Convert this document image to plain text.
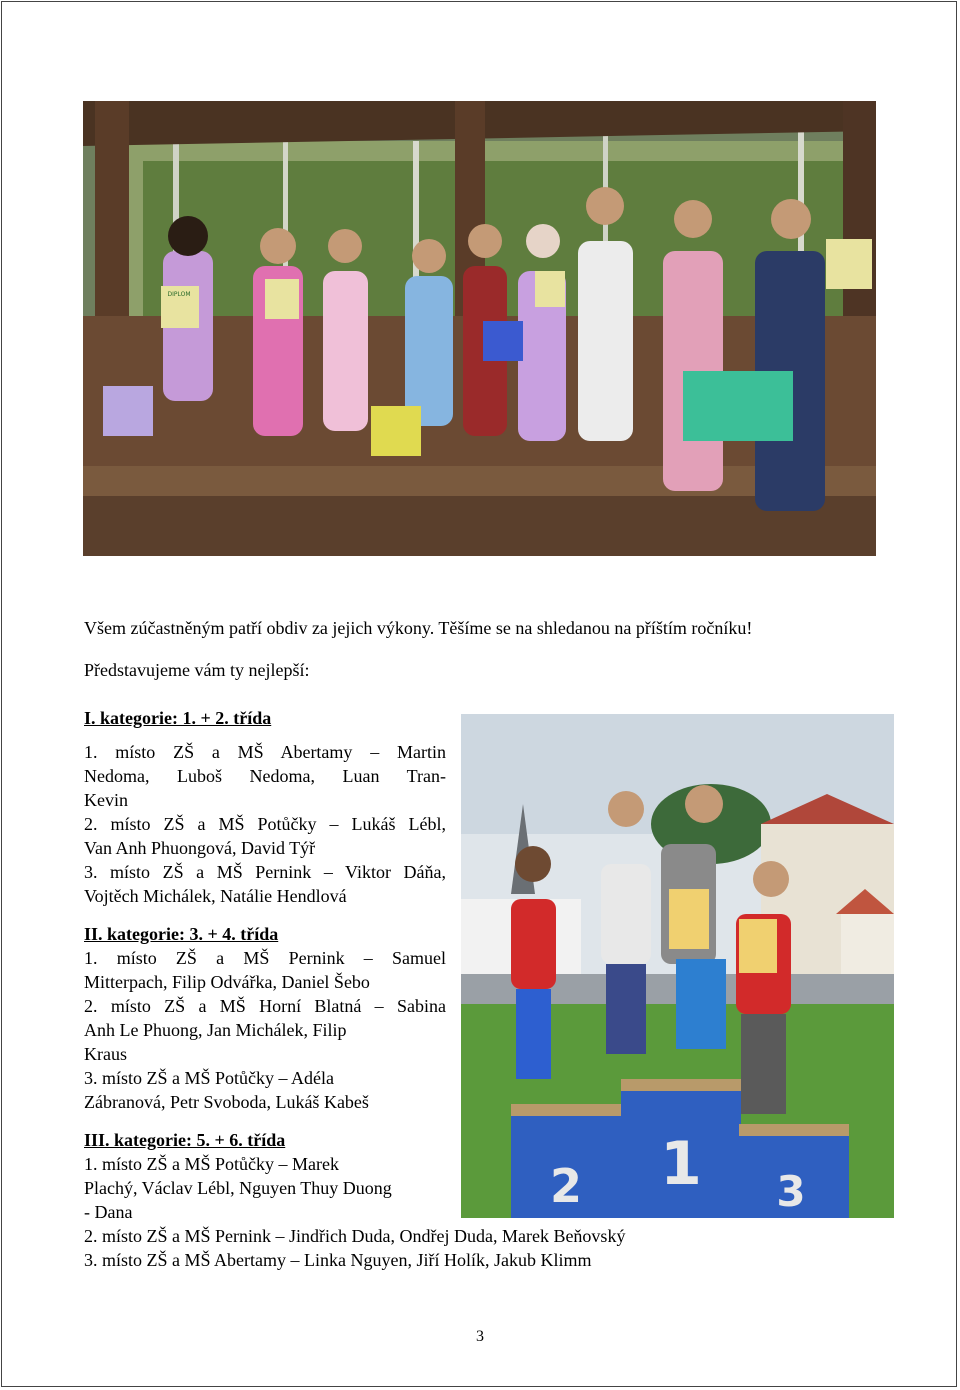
DIPLOM
2 1 3
Všem zúčastněným patří obdiv za jejich výkony. Těšíme se na shledanou na příštím ročníku!
Představujeme vám ty nejlepší:
I. kategorie: 1. + 2. třída
1. místo ZŠ a MŠ Abertamy – Martin
Nedoma, Luboš Nedoma, Luan Tran-
Kevin
2. místo ZŠ a MŠ Potůčky – Lukáš Lébl,
Van Anh Phuongová, David Týř
3. místo ZŠ a MŠ Pernink – Viktor Dáňa,
Vojtěch Michálek, Natálie Hendlová
II. kategorie: 3. + 4. třída
1. místo ZŠ a MŠ Pernink – Samuel
Mitterpach, Filip Odvářka, Daniel Šebo
2. místo ZŠ a MŠ Horní Blatná – Sabina
Anh Le Phuong, Jan Michálek, Filip
Kraus
3. místo ZŠ a MŠ Potůčky – Adéla
Zábranová, Petr Svoboda, Lukáš Kabeš
III. kategorie: 5. + 6. třída
1. místo ZŠ a MŠ Potůčky – Marek
Plachý, Václav Lébl, Nguyen Thuy Duong
- Dana
2. místo ZŠ a MŠ Pernink – Jindřich Duda, Ondřej Duda, Marek Beňovský
3. místo ZŠ a MŠ Abertamy – Linka Nguyen, Jiří Holík, Jakub Klimm
3
